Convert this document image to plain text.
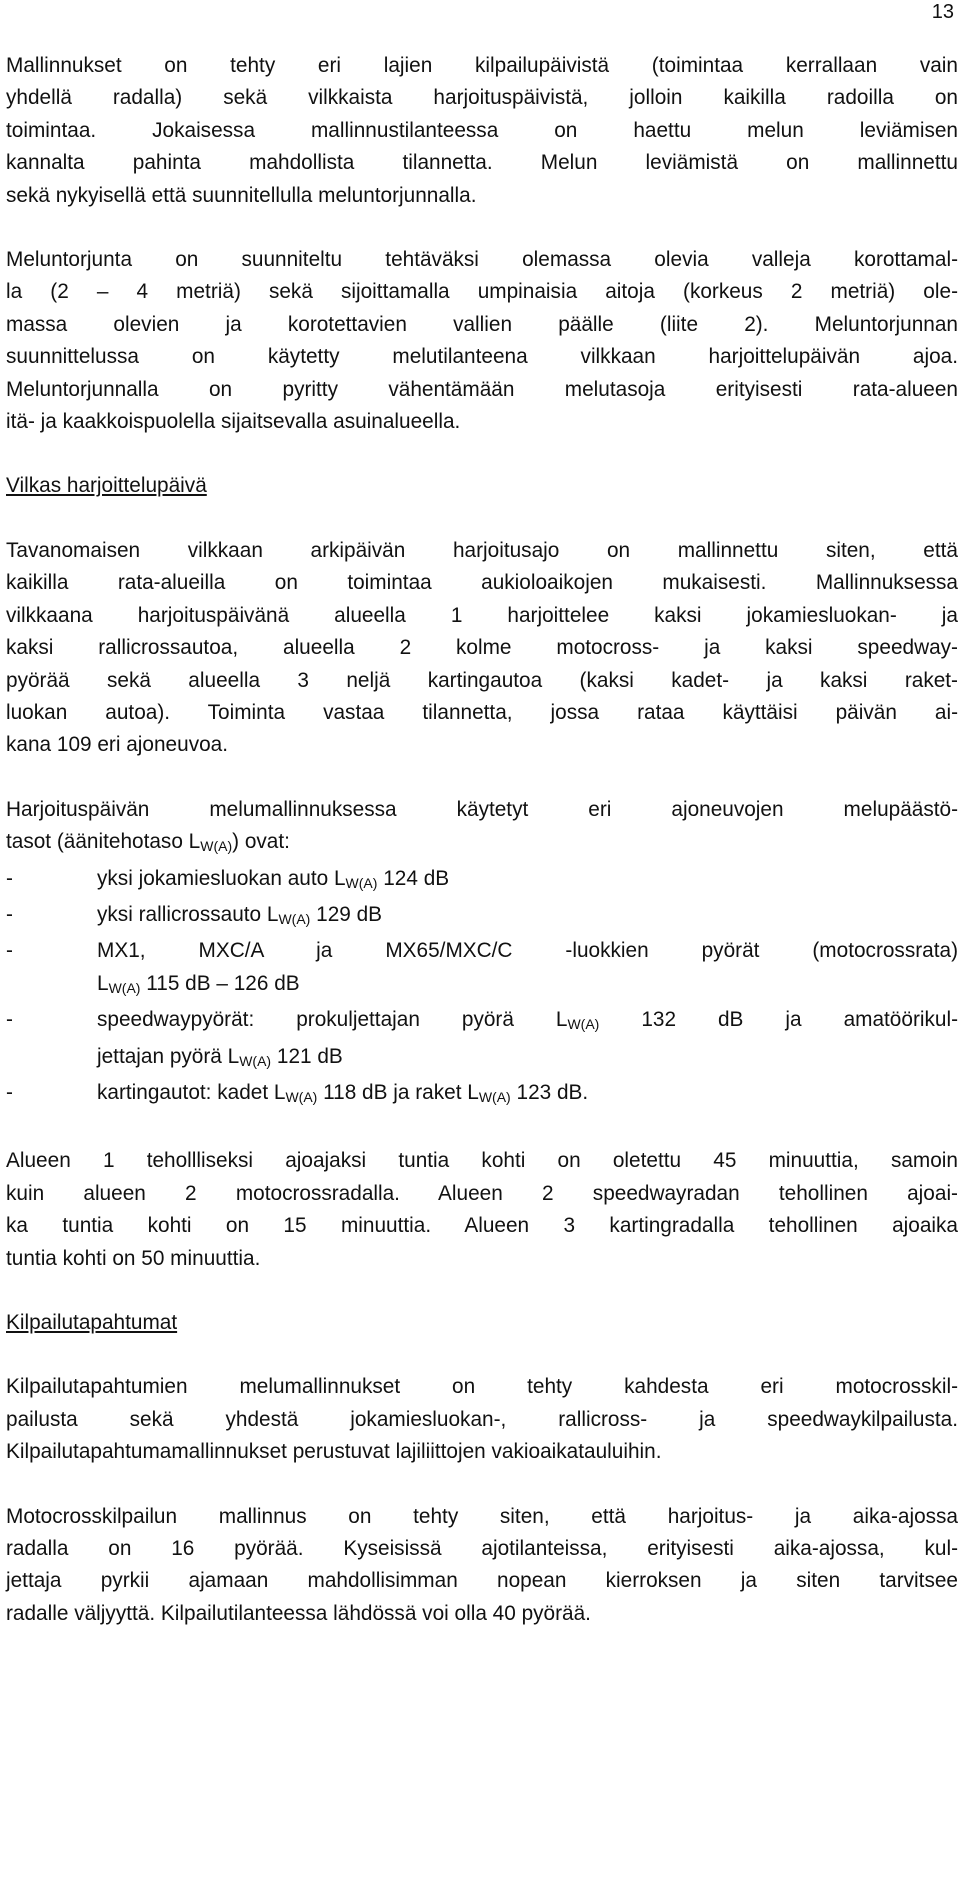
13

Mallinnukset on tehty eri lajien kilpailupäivistä (toimintaa kerrallaan vain

yhdellä radalla) sekä vilkkaista harjoituspäivistä, jolloin kaikilla radoilla on

toimintaa. Jokaisessa mallinnustilanteessa on haettu melun leviämisen

kannalta pahinta mahdollista tilannetta. Melun leviämistä on mallinnettu

sekä nykyisellä että suunnitellulla meluntorjunnalla.

Meluntorjunta on suunniteltu tehtäväksi olemassa olevia valleja korottamal-

la (2 – 4 metriä) sekä sijoittamalla umpinaisia aitoja (korkeus 2 metriä) ole-

massa olevien ja korotettavien vallien päälle (liite 2). Meluntorjunnan

suunnittelussa on käytetty melutilanteena vilkkaan harjoittelupäivän ajoa.

Meluntorjunnalla on pyritty vähentämään melutasoja erityisesti rata-alueen

itä- ja kaakkoispuolella sijaitsevalla asuinalueella.

Vilkas harjoittelupäivä

Tavanomaisen vilkkaan arkipäivän harjoitusajo on mallinnettu siten, että

kaikilla rata-alueilla on toimintaa aukioloaikojen mukaisesti. Mallinnuksessa

vilkkaana harjoituspäivänä alueella 1 harjoittelee kaksi jokamiesluokan- ja

kaksi rallicrossautoa, alueella 2 kolme motocross- ja kaksi speedway-

pyörää sekä alueella 3 neljä kartingautoa (kaksi kadet- ja kaksi raket-

luokan autoa). Toiminta vastaa tilannetta, jossa rataa käyttäisi päivän ai-

kana 109 eri ajoneuvoa.

Harjoituspäivän melumallinnuksessa käytetyt eri ajoneuvojen melupäästö-

tasot (äänitehotaso $L_{W(A)}$) ovat:

-	yksi jokamiesluokan auto $L_{W(A)}$ 124 dB
-	yksi rallicrossauto $L_{W(A)}$ 129 dB
-	MX1, MXC/A ja MX65/MXC/C -luokkien pyörät (motocrossrata)
$L_{W(A)}$ 115 dB – 126 dB
-	speedwaypyörät: prokuljettajan pyörä $L_{W(A)}$ 132 dB ja amatöörikul-
jettajan pyörä $L_{W(A)}$ 121 dB
-	kartingautot: kadet $L_{W(A)}$ 118 dB ja raket $L_{W(A)}$ 123 dB.

Alueen 1 tehollliseksi ajoajaksi tuntia kohti on oletettu 45 minuuttia, samoin

kuin alueen 2 motocrossradalla. Alueen 2 speedwayradan tehollinen ajoai-

ka tuntia kohti on 15 minuuttia. Alueen 3 kartingradalla tehollinen ajoaika

tuntia kohti on 50 minuuttia.

Kilpailutapahtumat

Kilpailutapahtumien melumallinnukset on tehty kahdesta eri motocrosskil-

pailusta sekä yhdestä jokamiesluokan-, rallicross- ja speedwaykilpailusta.

Kilpailutapahtumamallinnukset perustuvat lajiliittojen vakioaikatauluihin.

Motocrosskilpailun mallinnus on tehty siten, että harjoitus- ja aika-ajossa

radalla on 16 pyörää. Kyseisissä ajotilanteissa, erityisesti aika-ajossa, kul-

jettaja pyrkii ajamaan mahdollisimman nopean kierroksen ja siten tarvitsee

radalle väljyyttä. Kilpailutilanteessa lähdössä voi olla 40 pyörää.
